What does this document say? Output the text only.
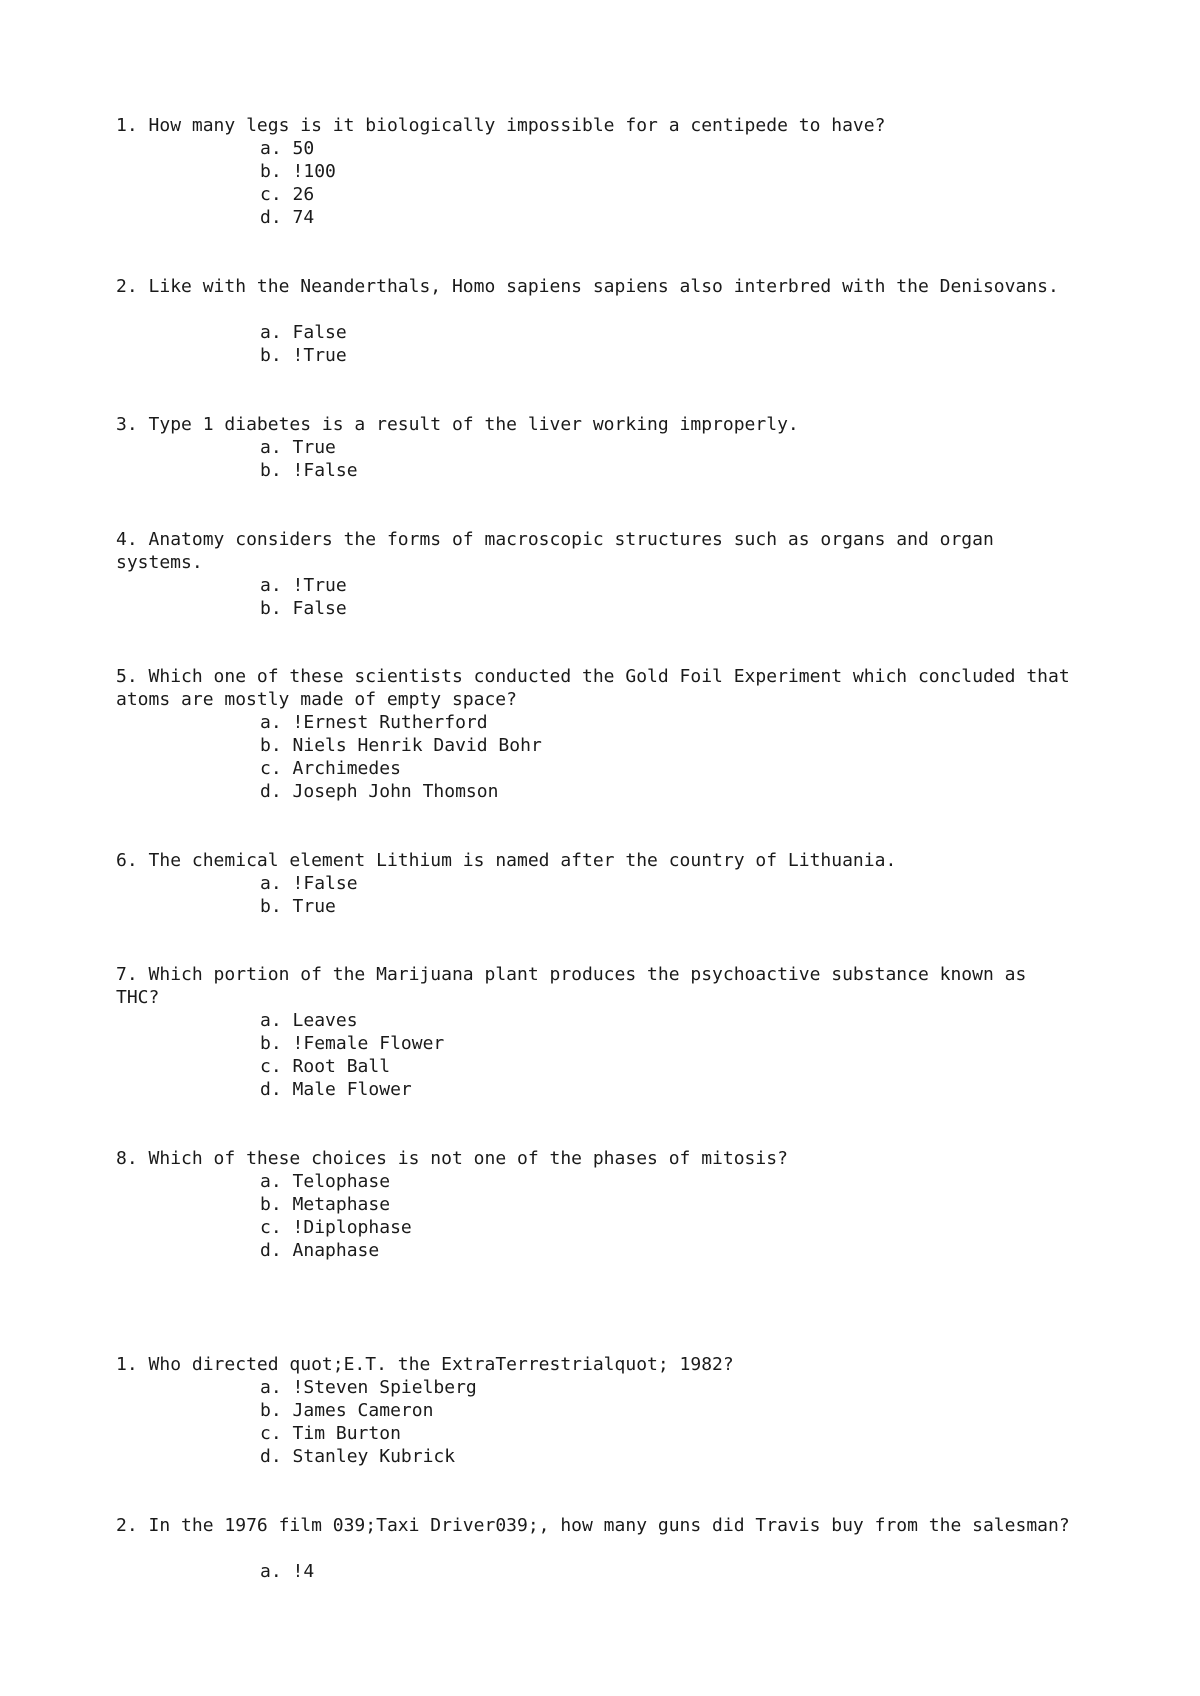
1. How many legs is it biologically impossible for a centipede to have?
a. 50
b. !100
c. 26
d. 74
2. Like with the Neanderthals, Homo sapiens sapiens also interbred with the Denisovans.
a. False
b. !True
3. Type 1 diabetes is a result of the liver working improperly.
a. True
b. !False
4. Anatomy considers the forms of macroscopic structures such as organs and organ systems.
a. !True
b. False
5. Which one of these scientists conducted the Gold Foil Experiment which concluded that atoms are mostly made of empty space?
a. !Ernest Rutherford
b. Niels Henrik David Bohr
c. Archimedes
d. Joseph John Thomson
6. The chemical element Lithium is named after the country of Lithuania.
a. !False
b. True
7. Which portion of the Marijuana plant produces the psychoactive substance known as THC?
a. Leaves
b. !Female Flower
c. Root Ball
d. Male Flower
8. Which of these choices is not one of the phases of mitosis?
a. Telophase
b. Metaphase
c. !Diplophase
d. Anaphase
1. Who directed quot;E.T. the ExtraTerrestrialquot; 1982?
a. !Steven Spielberg
b. James Cameron
c. Tim Burton
d. Stanley Kubrick
2. In the 1976 film 039;Taxi Driver039;, how many guns did Travis buy from the salesman?
a. !4
